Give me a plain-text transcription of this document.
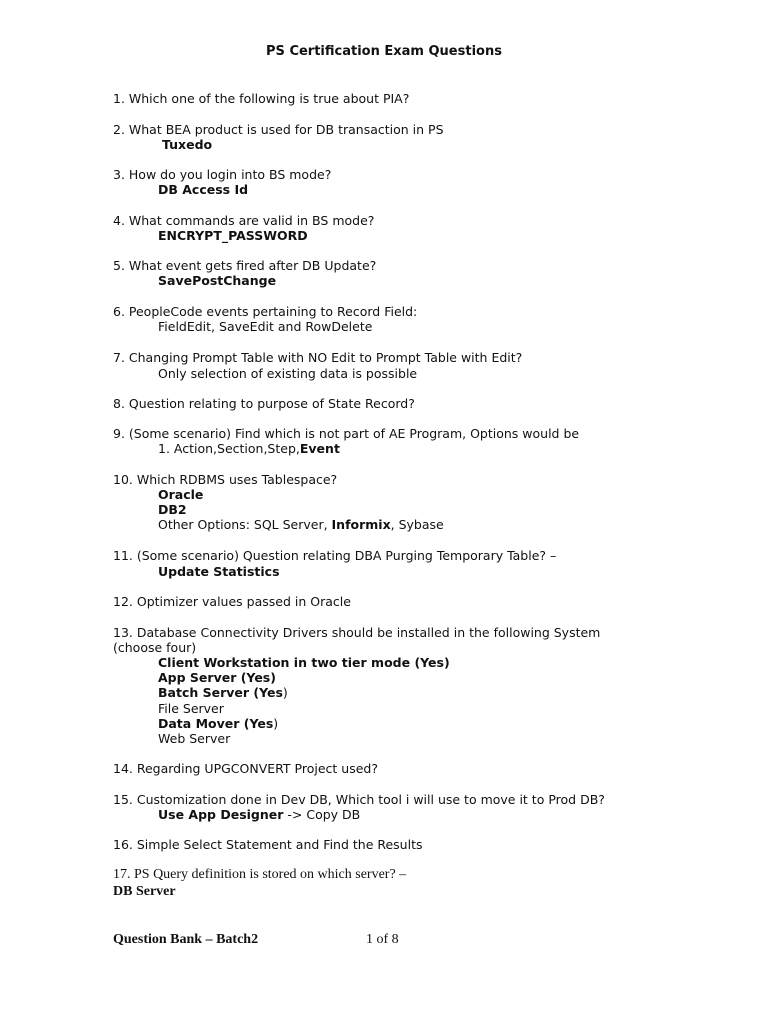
PS Certification Exam Questions
1. Which one of the following is true about PIA?
2. What BEA product is used for DB transaction in PS
Tuxedo
3. How do you login into BS mode?
DB Access Id
4. What commands are valid in BS mode?
ENCRYPT_PASSWORD
5. What event gets fired after DB Update?
SavePostChange
6. PeopleCode events pertaining to Record Field:
FieldEdit, SaveEdit and RowDelete
7. Changing Prompt Table with NO Edit to Prompt Table with Edit?
Only selection of existing data is possible
8. Question relating to purpose of State Record?
9. (Some scenario) Find which is not part of AE Program, Options would be
1. Action,Section,Step,Event
10. Which RDBMS uses Tablespace?
Oracle
DB2
Other Options: SQL Server, Informix, Sybase
11. (Some scenario) Question relating DBA Purging Temporary Table? –
Update Statistics
12. Optimizer values passed in Oracle
13. Database Connectivity Drivers should be installed in the following System
(choose four)
Client Workstation in two tier mode (Yes)
App Server (Yes)
Batch Server (Yes)
File Server
Data Mover (Yes)
Web Server
14. Regarding UPGCONVERT Project used?
15. Customization done in Dev DB, Which tool i will use to move it to Prod DB?
Use App Designer -> Copy DB
16. Simple Select Statement and Find the Results
17. PS Query definition is stored on which server? –
DB Server
Question Bank – Batch2	1 of 8
